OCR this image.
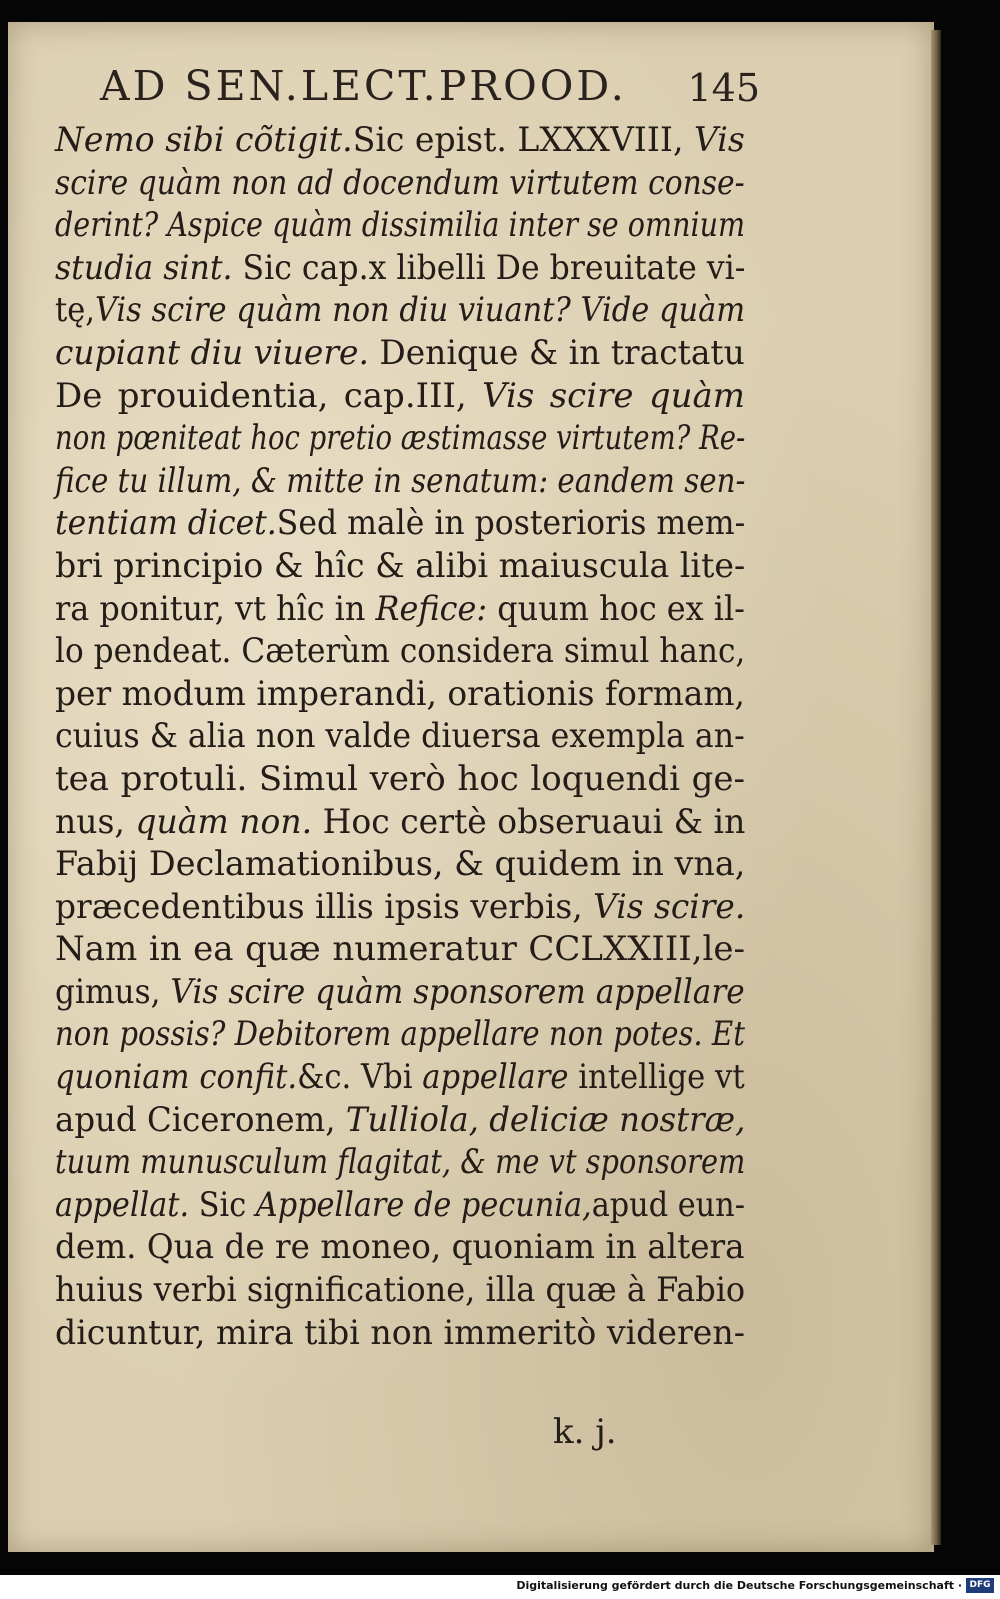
AD SEN.LECT.PROOD. 145
Nemo sibi cõtigit.Sic epist. LXXXVIII, Vis
scire quàm non ad docendum virtutem conse-
derint? Aspice quàm dissimilia inter se omnium
studia sint. Sic cap.x libelli De breuitate vi-
tę,Vis scire quàm non diu viuant? Vide quàm
cupiant diu viuere. Denique & in tractatu
De prouidentia, cap.III, Vis scire quàm
non pœniteat hoc pretio æstimasse virtutem? Re-
fice tu illum, & mitte in senatum: eandem sen-
tentiam dicet.Sed malè in posterioris mem-
bri principio & hîc & alibi maiuscula lite-
ra ponitur, vt hîc in Refice: quum hoc ex il-
lo pendeat. Cæterùm considera simul hanc,
per modum imperandi, orationis formam,
cuius & alia non valde diuersa exempla an-
tea protuli. Simul verò hoc loquendi ge-
nus, quàm non. Hoc certè obseruaui & in
Fabij Declamationibus, & quidem in vna,
præcedentibus illis ipsis verbis, Vis scire.
Nam in ea quæ numeratur CCLXXIII,le-
gimus, Vis scire quàm sponsorem appellare
non possis? Debitorem appellare non potes. Et
quoniam confit.&c. Vbi appellare intellige vt
apud Ciceronem, Tulliola, deliciæ nostræ,
tuum munusculum flagitat, & me vt sponsorem
appellat. Sic Appellare de pecunia,apud eun-
dem. Qua de re moneo, quoniam in altera
huius verbi significatione, illa quæ à Fabio
dicuntur, mira tibi non immeritò videren-
k. j.
Digitalisierung gefördert durch die Deutsche Forschungsgemeinschaft · DFG
